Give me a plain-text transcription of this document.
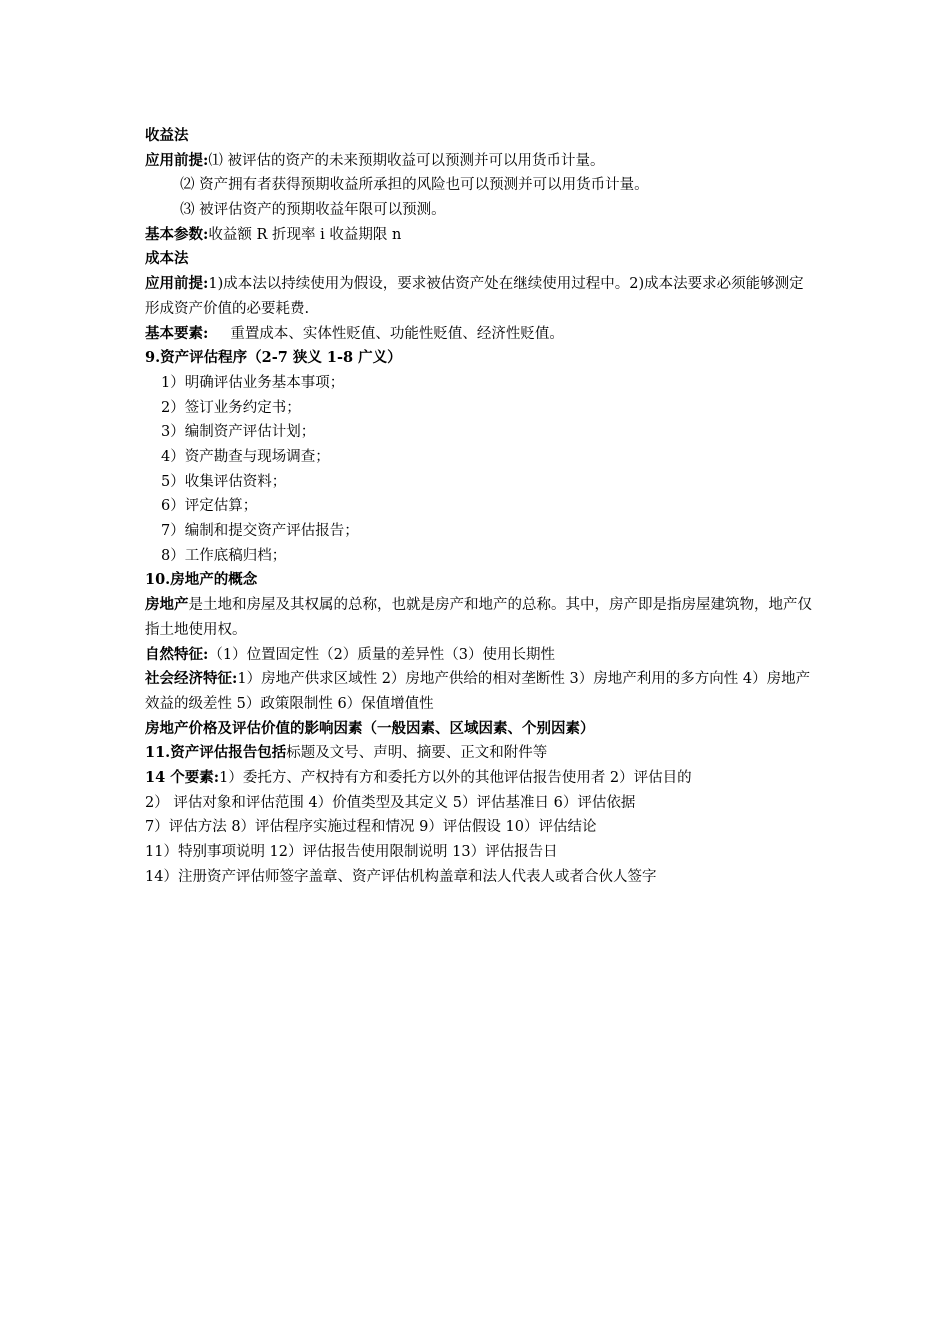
收益法
应用前提:⑴ 被评估的资产的未来预期收益可以预测并可以用货币计量。
⑵ 资产拥有者获得预期收益所承担的风险也可以预测并可以用货币计量。
⑶ 被评估资产的预期收益年限可以预测。
基本参数:收益额 R 折现率 i 收益期限 n
成本法
应用前提:1)成本法以持续使用为假设，要求被估资产处在继续使用过程中。2)成本法要求必须能够测定形成资产价值的必要耗费.
基本要素: 重置成本、实体性贬值、功能性贬值、经济性贬值。
9.资产评估程序（2-7 狭义 1-8 广义）
1）明确评估业务基本事项；
2）签订业务约定书；
3）编制资产评估计划；
4）资产勘查与现场调查；
5）收集评估资料；
6）评定估算；
7）编制和提交资产评估报告；
8）工作底稿归档；
10.房地产的概念
房地产是土地和房屋及其权属的总称，也就是房产和地产的总称。其中，房产即是指房屋建筑物，地产仅指土地使用权。
自然特征:（1）位置固定性（2）质量的差异性（3）使用长期性
社会经济特征:1）房地产供求区域性 2）房地产供给的相对垄断性 3）房地产利用的多方向性 4）房地产效益的级差性 5）政策限制性 6）保值增值性
房地产价格及评估价值的影响因素（一般因素、区域因素、个别因素）
11.资产评估报告包括标题及文号、声明、摘要、正文和附件等
14 个要素:1）委托方、产权持有方和委托方以外的其他评估报告使用者 2）评估目的
2） 评估对象和评估范围 4）价值类型及其定义 5）评估基准日 6）评估依据
7）评估方法 8）评估程序实施过程和情况 9）评估假设 10）评估结论
11）特别事项说明 12）评估报告使用限制说明 13）评估报告日
14）注册资产评估师签字盖章、资产评估机构盖章和法人代表人或者合伙人签字
